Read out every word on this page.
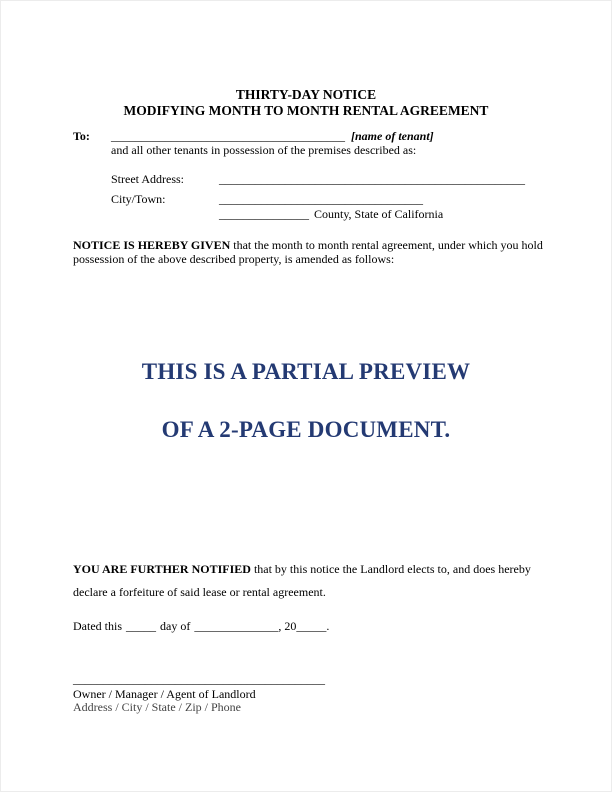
THIRTY-DAY NOTICE
MODIFYING MONTH TO MONTH RENTAL AGREEMENT
To: _______________________________________ [name of tenant]
and all other tenants in possession of the premises described as:
Street Address:	___________________________________________________
City/Town:	__________________________________
_______________ County, State of California
NOTICE IS HEREBY GIVEN that the month to month rental agreement, under which you hold
possession of the above described property, is amended as follows:
THIS IS A PARTIAL PREVIEW
OF A 2-PAGE DOCUMENT.
YOU ARE FURTHER NOTIFIED that by this notice the Landlord elects to, and does hereby
declare a forfeiture of said lease or rental agreement.
Dated this _____ day of ______________, 20_____.
__________________________________________
Owner / Manager / Agent of Landlord
Address / City / State / Zip / Phone
